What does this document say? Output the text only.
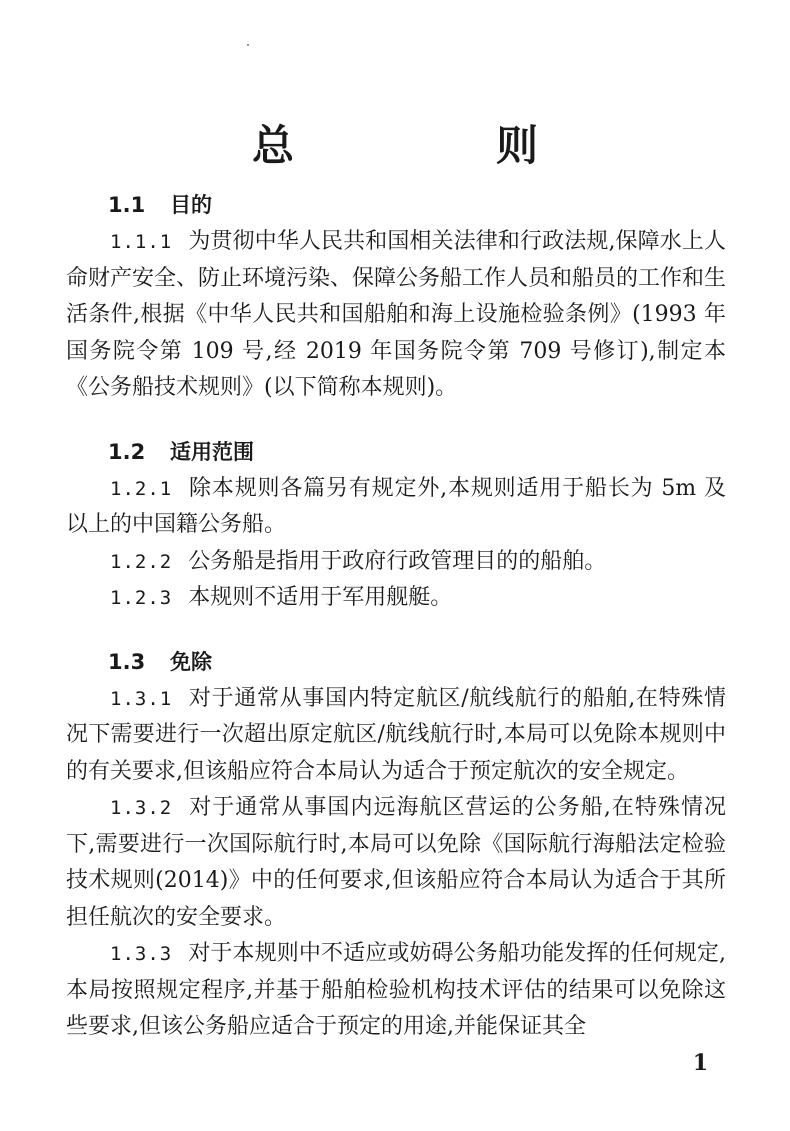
总　则
1.1 目的

1.1.1 为贯彻中华人民共和国相关法律和行政法规,保障水上人命财产安全、防止环境污染、保障公务船工作人员和船员的工作和生活条件,根据《中华人民共和国船舶和海上设施检验条例》(1993 年国务院令第 109 号,经 2019 年国务院令第 709 号修订),制定本《公务船技术规则》(以下简称本规则)。

1.2 适用范围

1.2.1 除本规则各篇另有规定外,本规则适用于船长为 5m 及以上的中国籍公务船。

1.2.2 公务船是指用于政府行政管理目的的船舶。

1.2.3 本规则不适用于军用舰艇。

1.3 免除

1.3.1 对于通常从事国内特定航区/航线航行的船舶,在特殊情况下需要进行一次超出原定航区/航线航行时,本局可以免除本规则中的有关要求,但该船应符合本局认为适合于预定航次的安全规定。

1.3.2 对于通常从事国内远海航区营运的公务船,在特殊情况下,需要进行一次国际航行时,本局可以免除《国际航行海船法定检验技术规则(2014)》中的任何要求,但该船应符合本局认为适合于其所担任航次的安全要求。

1.3.3 对于本规则中不适应或妨碍公务船功能发挥的任何规定,本局按照规定程序,并基于船舶检验机构技术评估的结果可以免除这些要求,但该公务船应适合于预定的用途,并能保证其全

1
